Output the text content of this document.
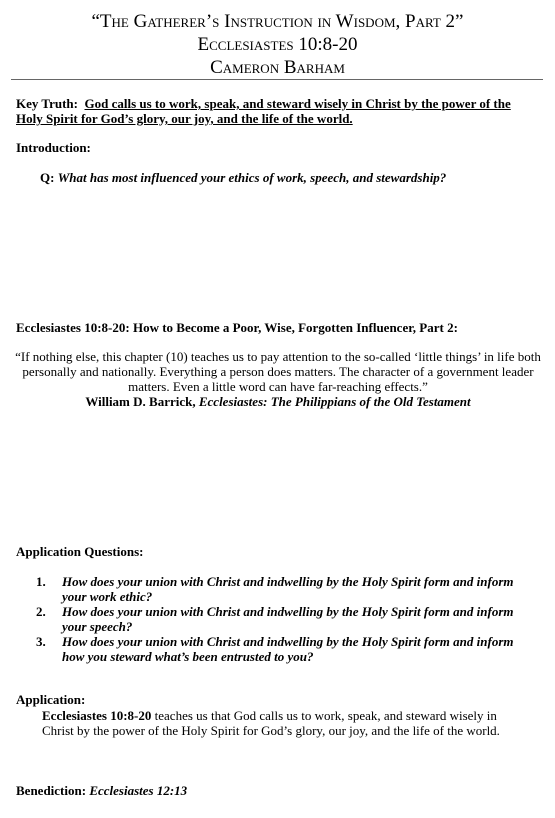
“The Gatherer’s Instruction in Wisdom, Part 2”
Ecclesiastes 10:8-20
Cameron Barham
Key Truth: God calls us to work, speak, and steward wisely in Christ by the power of the Holy Spirit for God’s glory, our joy, and the life of the world.
Introduction:
Q: What has most influenced your ethics of work, speech, and stewardship?
Ecclesiastes 10:8-20: How to Become a Poor, Wise, Forgotten Influencer, Part 2:
“If nothing else, this chapter (10) teaches us to pay attention to the so-called ‘little things’ in life both personally and nationally. Everything a person does matters. The character of a government leader matters. Even a little word can have far-reaching effects.”
William D. Barrick, Ecclesiastes: The Philippians of the Old Testament
Application Questions:
1. How does your union with Christ and indwelling by the Holy Spirit form and inform your work ethic?
2. How does your union with Christ and indwelling by the Holy Spirit form and inform your speech?
3. How does your union with Christ and indwelling by the Holy Spirit form and inform how you steward what’s been entrusted to you?
Application:
Ecclesiastes 10:8-20 teaches us that God calls us to work, speak, and steward wisely in Christ by the power of the Holy Spirit for God’s glory, our joy, and the life of the world.
Benediction: Ecclesiastes 12:13
